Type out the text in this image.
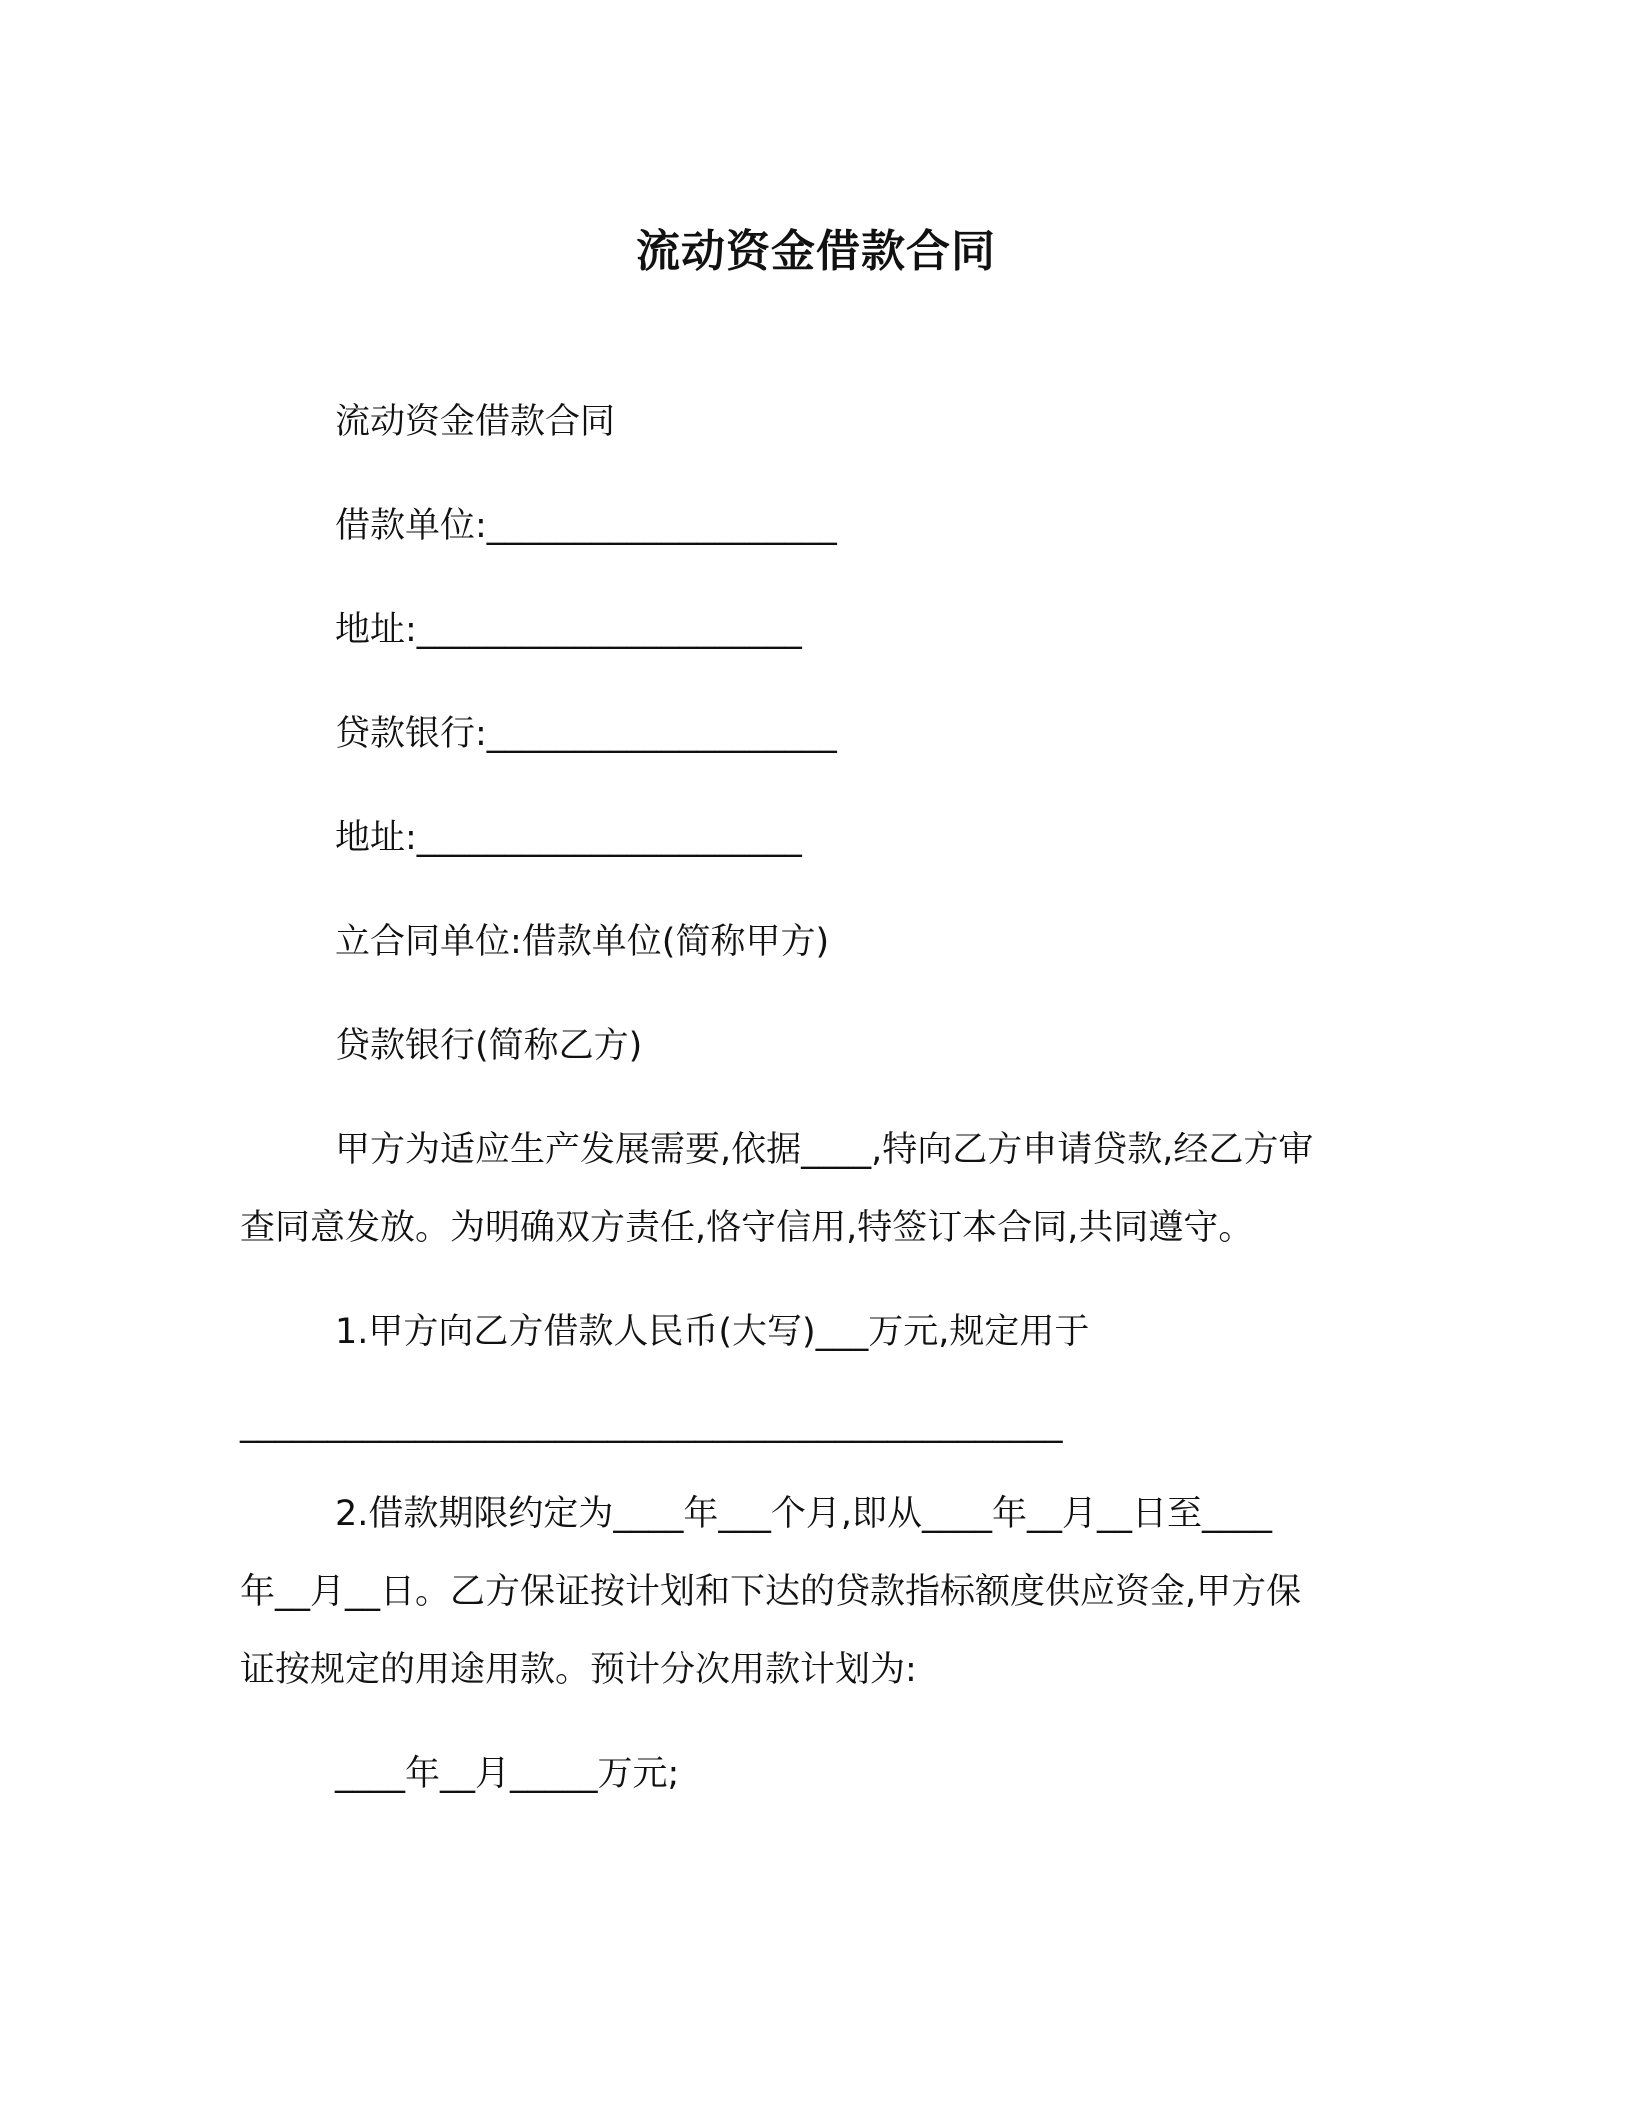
流动资金借款合同
流动资金借款合同
借款单位:____________________
地址:______________________
贷款银行:____________________
地址:______________________
立合同单位:借款单位(简称甲方)
贷款银行(简称乙方)
甲方为适应生产发展需要,依据____,特向乙方申请贷款,经乙方审
查同意发放。为明确双方责任,恪守信用,特签订本合同,共同遵守。
1.甲方向乙方借款人民币(大写)___万元,规定用于
_______________________________________________
2.借款期限约定为____年___个月,即从____年__月__日至____
年__月__日。乙方保证按计划和下达的贷款指标额度供应资金,甲方保
证按规定的用途用款。预计分次用款计划为:
____年__月_____万元;
